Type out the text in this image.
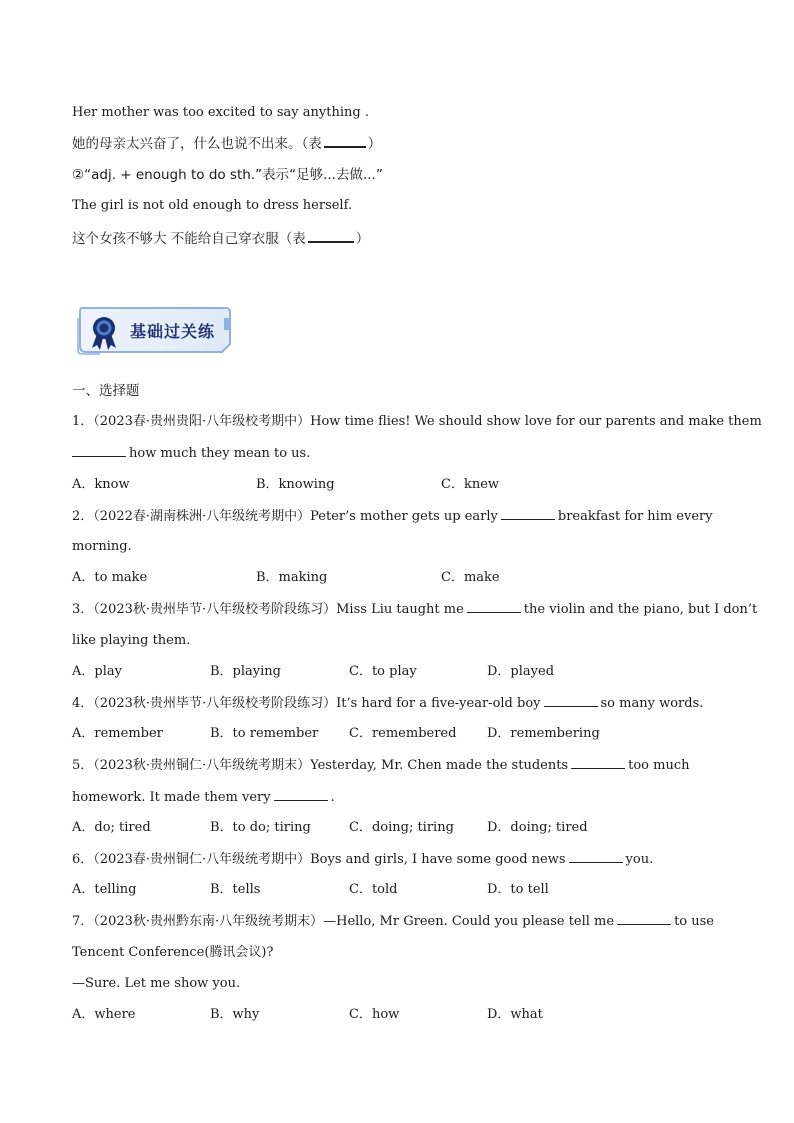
Her mother was too excited to say anything .
她的母亲太兴奋了，什么也说不出来。（表	）
②“adj. + enough to do sth.”表示“足够...去做...”
The girl is not old enough to dress herself.
这个女孩不够大 不能给自己穿衣服（表	）
基础过关练
一、选择题
1．（2023春·贵州贵阳·八年级校考期中）How time flies! We should show love for our parents and make them
how much they mean to us.
A．know	B．knowing	C．knew
2．（2022春·湖南株洲·八年级统考期中）Peter’s mother gets up early	breakfast for him every
morning.
A．to make	B．making	C．make
3．（2023秋·贵州毕节·八年级校考阶段练习）Miss Liu taught me	the violin and the piano, but I don’t
like playing them.
A．play	B．playing	C．to play	D．played
4．（2023秋·贵州毕节·八年级校考阶段练习）It’s hard for a five-year-old boy	so many words.
A．remember	B．to remember C．remembered D．remembering
5．（2023秋·贵州铜仁·八年级统考期末）Yesterday, Mr. Chen made the students	too much
homework. It made them very	.
A．do; tired	B．to do; tiring	C．doing; tiring	D．doing; tired
6．（2023春·贵州铜仁·八年级统考期中）Boys and girls, I have some good news	you.
A．telling	B．tells	C．told	D．to tell
7．（2023秋·贵州黔东南·八年级统考期末）—Hello, Mr Green. Could you please tell me	to use
Tencent Conference(腾讯会议)?
—Sure. Let me show you.
A．where	B．why	C．how	D．what
